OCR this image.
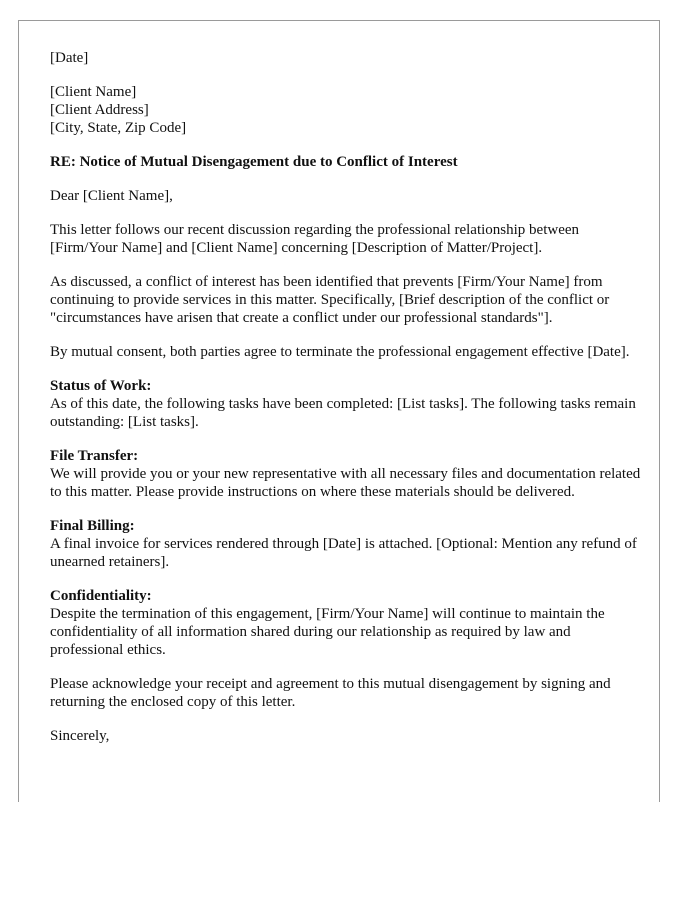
[Date]

[Client Name]
[Client Address]
[City, State, Zip Code]

RE: Notice of Mutual Disengagement due to Conflict of Interest

Dear [Client Name],

This letter follows our recent discussion regarding the professional relationship between [Firm/Your Name] and [Client Name] concerning [Description of Matter/Project].

As discussed, a conflict of interest has been identified that prevents [Firm/Your Name] from continuing to provide services in this matter. Specifically, [Brief description of the conflict or "circumstances have arisen that create a conflict under our professional standards"].

By mutual consent, both parties agree to terminate the professional engagement effective [Date].

Status of Work:
As of this date, the following tasks have been completed: [List tasks]. The following tasks remain outstanding: [List tasks].
File Transfer:
We will provide you or your new representative with all necessary files and documentation related to this matter. Please provide instructions on where these materials should be delivered.
Final Billing:
A final invoice for services rendered through [Date] is attached. [Optional: Mention any refund of unearned retainers].
Confidentiality:
Despite the termination of this engagement, [Firm/Your Name] will continue to maintain the confidentiality of all information shared during our relationship as required by law and professional ethics.

Please acknowledge your receipt and agreement to this mutual disengagement by signing and returning the enclosed copy of this letter.

Sincerely,
